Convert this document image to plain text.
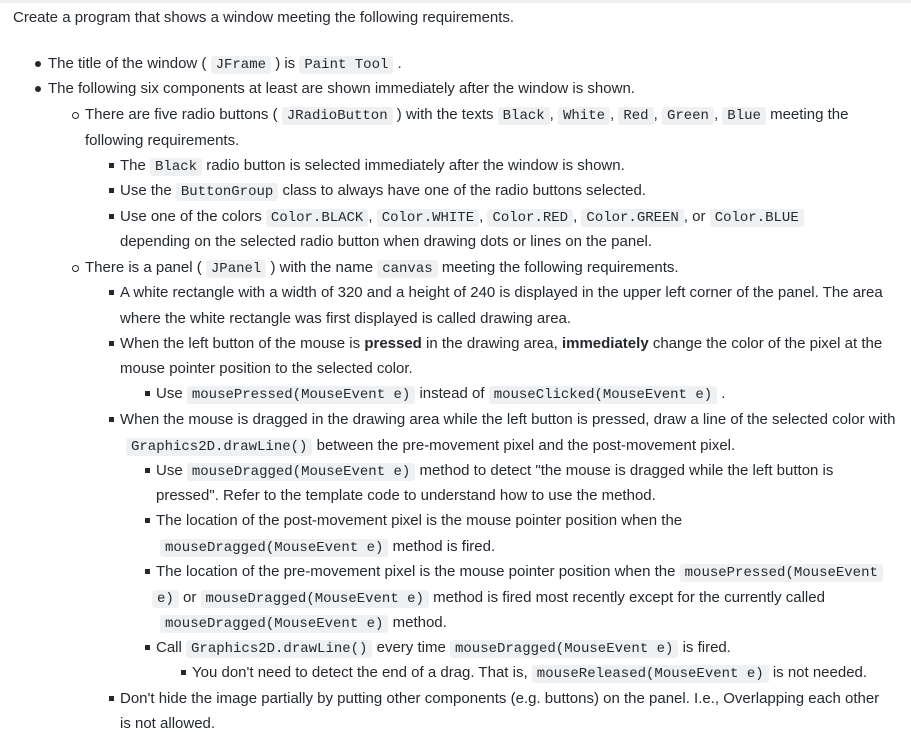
Create a program that shows a window meeting the following requirements.
The title of the window ( JFrame ) is Paint Tool .
The following six components at least are shown immediately after the window is shown.
There are five radio buttons ( JRadioButton ) with the texts Black , White , Red , Green , Blue meeting the
following requirements.
The Black radio button is selected immediately after the window is shown.
Use the ButtonGroup class to always have one of the radio buttons selected.
Use one of the colors Color.BLACK , Color.WHITE , Color.RED , Color.GREEN , or Color.BLUE
depending on the selected radio button when drawing dots or lines on the panel.
There is a panel ( JPanel ) with the name canvas meeting the following requirements.
A white rectangle with a width of 320 and a height of 240 is displayed in the upper left corner of the panel. The area
where the white rectangle was first displayed is called drawing area.
When the left button of the mouse is pressed in the drawing area, immediately change the color of the pixel at the
mouse pointer position to the selected color.
Use mousePressed(MouseEvent e) instead of mouseClicked(MouseEvent e) .
When the mouse is dragged in the drawing area while the left button is pressed, draw a line of the selected color with
Graphics2D.drawLine() between the pre-movement pixel and the post-movement pixel.
Use mouseDragged(MouseEvent e) method to detect "the mouse is dragged while the left button is
pressed". Refer to the template code to understand how to use the method.
The location of the post-movement pixel is the mouse pointer position when the
mouseDragged(MouseEvent e) method is fired.
The location of the pre-movement pixel is the mouse pointer position when the mousePressed(MouseEvent
e) or mouseDragged(MouseEvent e) method is fired most recently except for the currently called
mouseDragged(MouseEvent e) method.
Call Graphics2D.drawLine() every time mouseDragged(MouseEvent e) is fired.
You don't need to detect the end of a drag. That is, mouseReleased(MouseEvent e) is not needed.
Don't hide the image partially by putting other components (e.g. buttons) on the panel. I.e., Overlapping each other
is not allowed.
